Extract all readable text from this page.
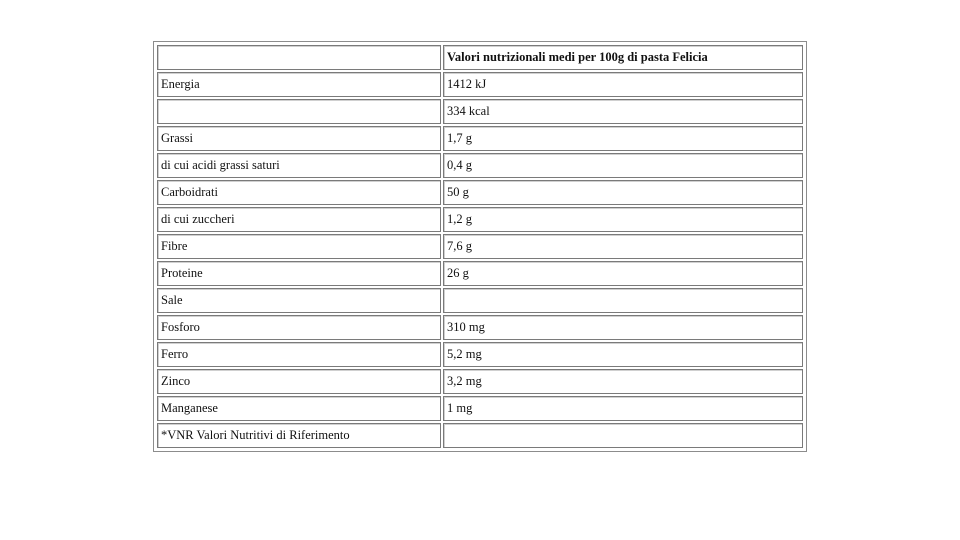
	Valori nutrizionali medi per 100g di pasta Felicia
Energia	1412 kJ
	334 kcal
Grassi	1,7 g
di cui acidi grassi saturi	0,4 g
Carboidrati	50 g
di cui zuccheri	1,2 g
Fibre	7,6 g
Proteine	26 g
Sale	
Fosforo	310 mg
Ferro	5,2 mg
Zinco	3,2 mg
Manganese	1 mg
*VNR Valori Nutritivi di Riferimento	
